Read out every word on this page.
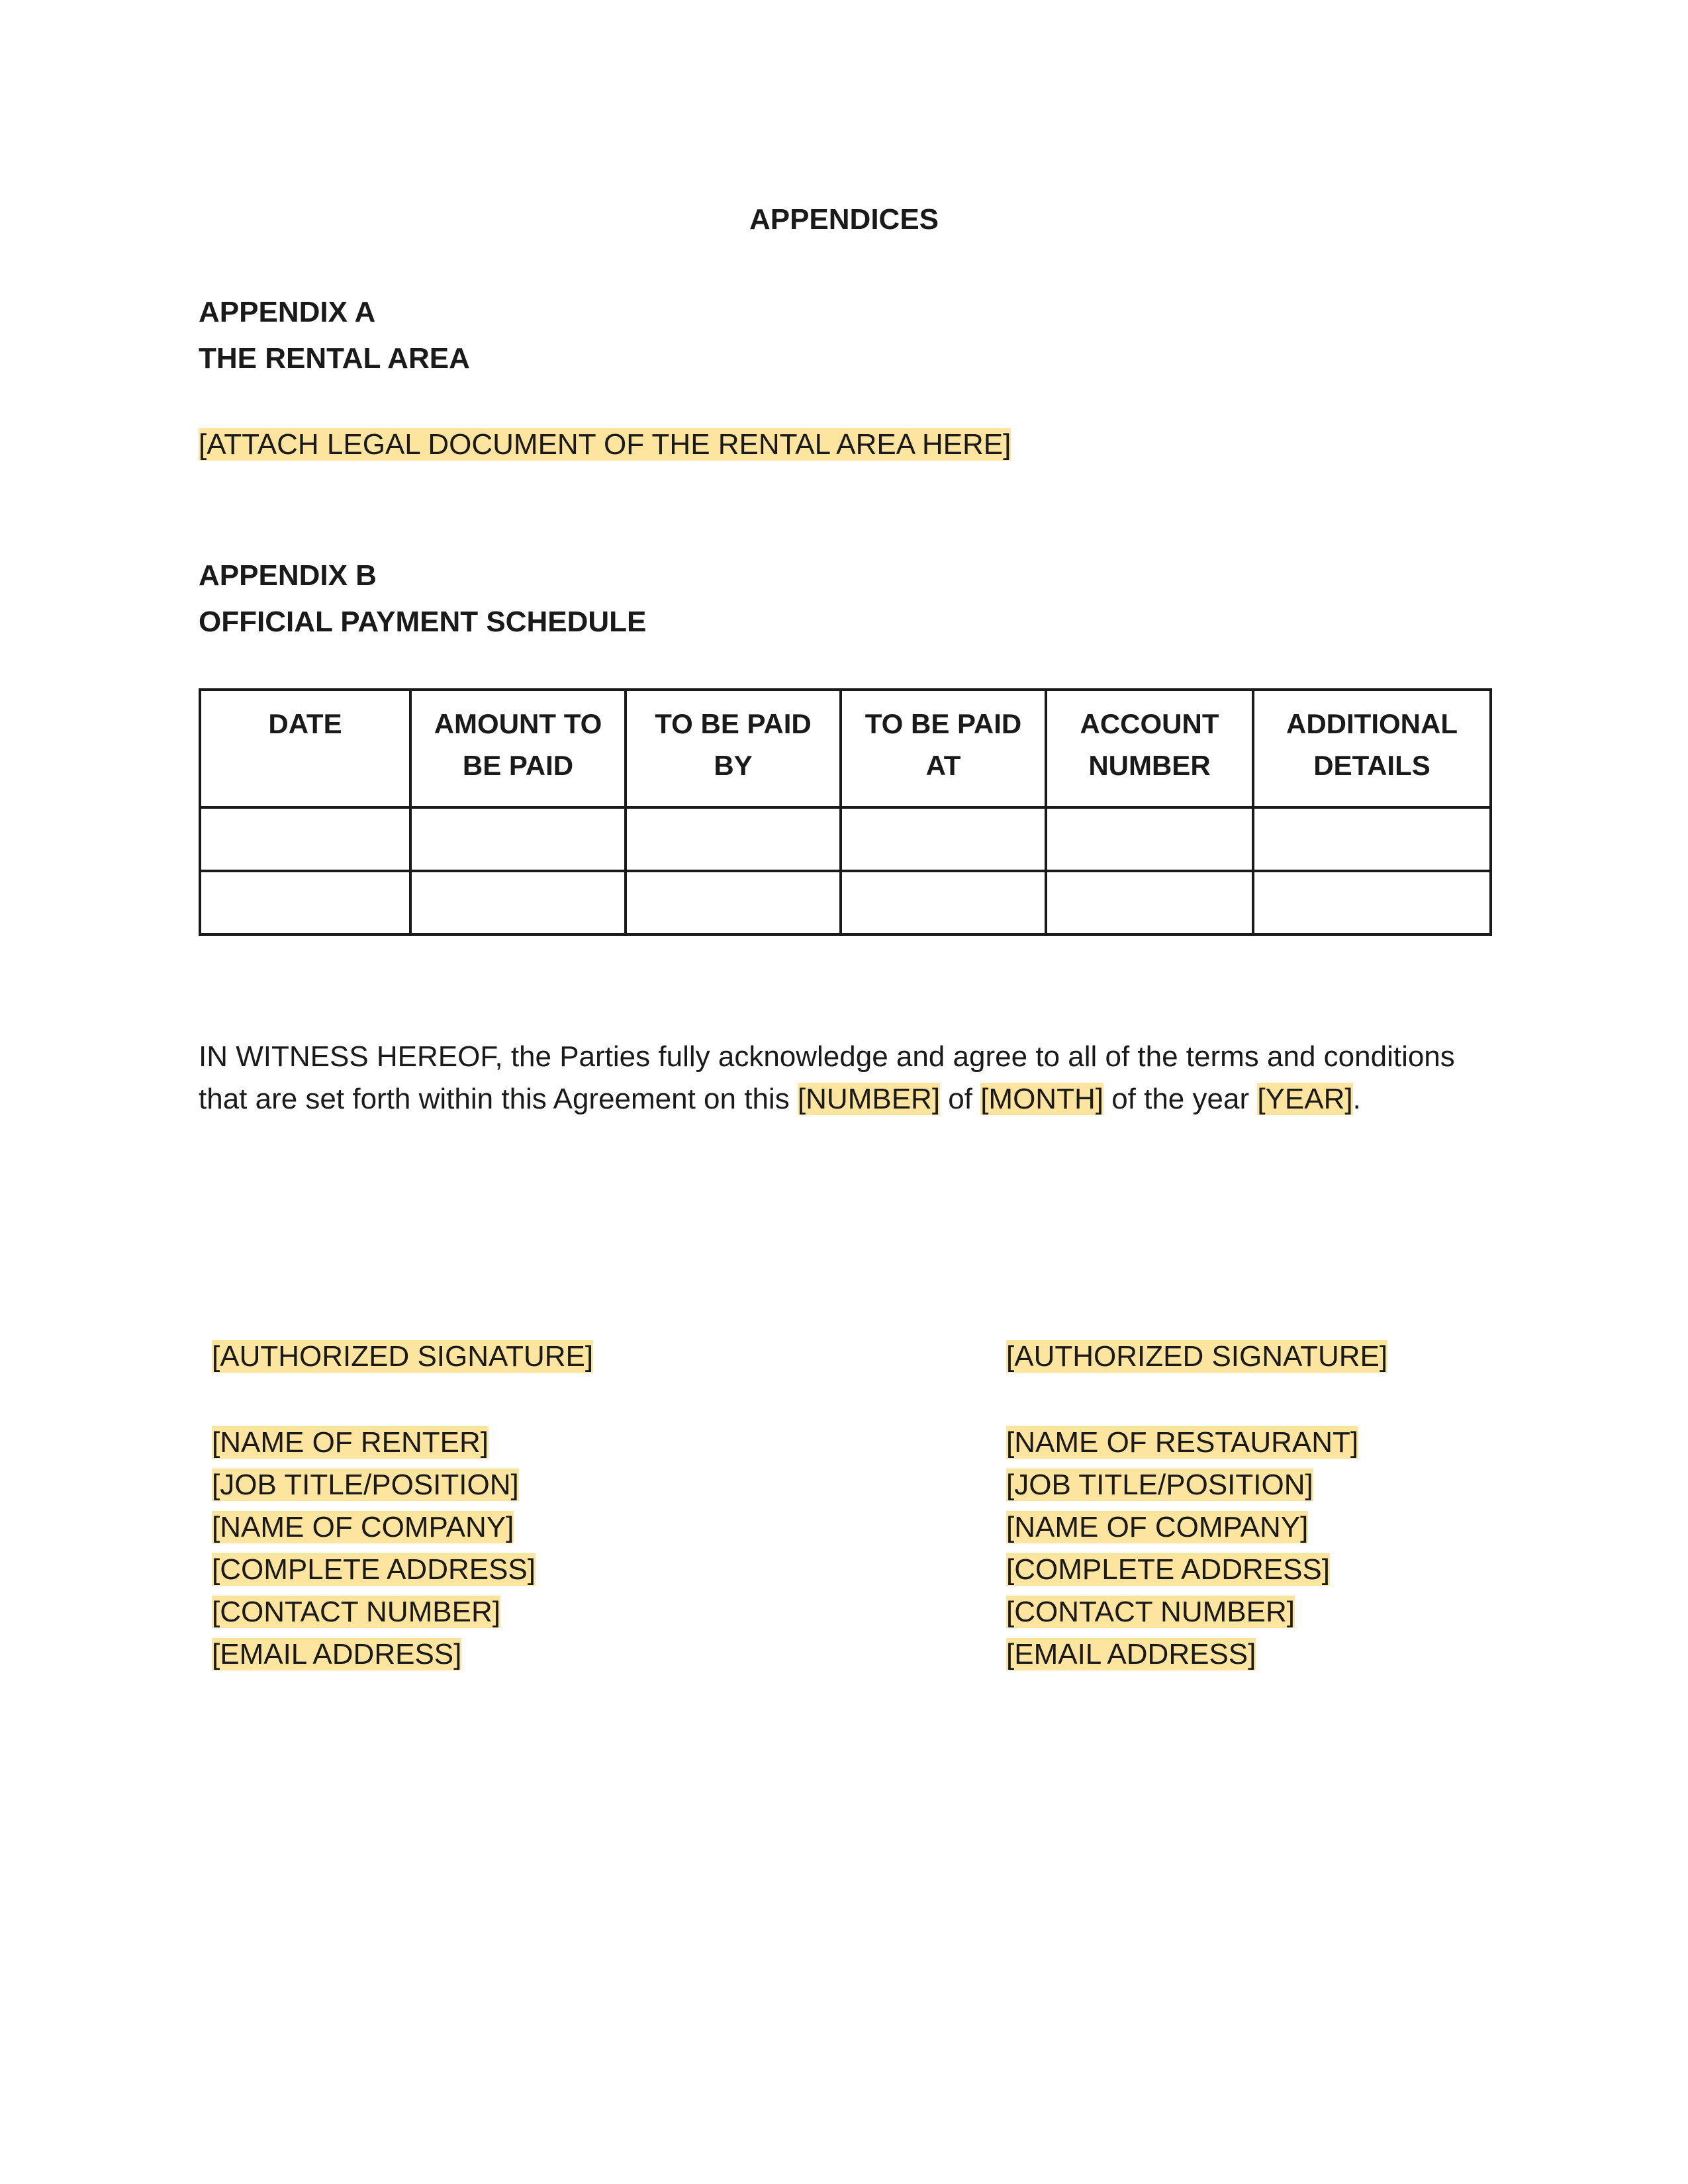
APPENDICES
APPENDIX A
THE RENTAL AREA
[ATTACH LEGAL DOCUMENT OF THE RENTAL AREA HERE]
APPENDIX B
OFFICIAL PAYMENT SCHEDULE
DATE	AMOUNT TO BE PAID	TO BE PAID BY	TO BE PAID AT	ACCOUNT NUMBER	ADDITIONAL DETAILS

IN WITNESS HEREOF, the Parties fully acknowledge and agree to all of the terms and conditions that are set forth within this Agreement on this [NUMBER] of [MONTH] of the year [YEAR].
[AUTHORIZED SIGNATURE]
[NAME OF RENTER]
[JOB TITLE/POSITION]
[NAME OF COMPANY]
[COMPLETE ADDRESS]
[CONTACT NUMBER]
[EMAIL ADDRESS]
[AUTHORIZED SIGNATURE]
[NAME OF RESTAURANT]
[JOB TITLE/POSITION]
[NAME OF COMPANY]
[COMPLETE ADDRESS]
[CONTACT NUMBER]
[EMAIL ADDRESS]
